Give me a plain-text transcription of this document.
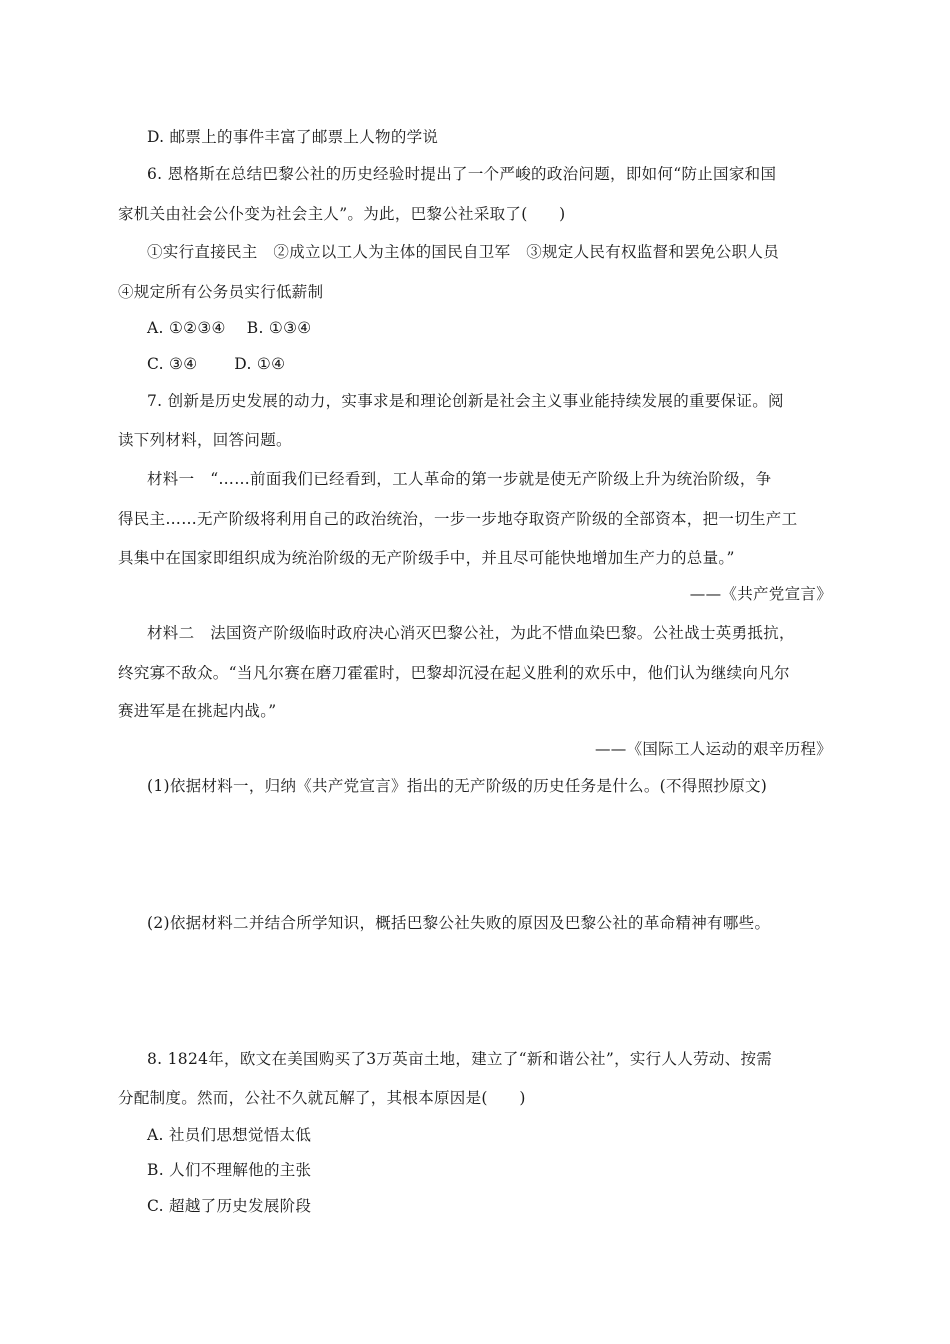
D. 邮票上的事件丰富了邮票上人物的学说
6. 恩格斯在总结巴黎公社的历史经验时提出了一个严峻的政治问题，即如何“防止国家和国
家机关由社会公仆变为社会主人”。为此，巴黎公社采取了(　　)
①实行直接民主　②成立以工人为主体的国民自卫军　③规定人民有权监督和罢免公职人员
④规定所有公务员实行低薪制
A. ①②③④　 B. ①③④
C. ③④　　 D. ①④
7. 创新是历史发展的动力，实事求是和理论创新是社会主义事业能持续发展的重要保证。阅
读下列材料，回答问题。
材料一　“……前面我们已经看到，工人革命的第一步就是使无产阶级上升为统治阶级，争
得民主……无产阶级将利用自己的政治统治，一步一步地夺取资产阶级的全部资本，把一切生产工
具集中在国家即组织成为统治阶级的无产阶级手中，并且尽可能快地增加生产力的总量。”
——《共产党宣言》
材料二　法国资产阶级临时政府决心消灭巴黎公社，为此不惜血染巴黎。公社战士英勇抵抗，
终究寡不敌众。“当凡尔赛在磨刀霍霍时，巴黎却沉浸在起义胜利的欢乐中，他们认为继续向凡尔
赛进军是在挑起内战。”
——《国际工人运动的艰辛历程》
(1)依据材料一，归纳《共产党宣言》指出的无产阶级的历史任务是什么。(不得照抄原文)
(2)依据材料二并结合所学知识，概括巴黎公社失败的原因及巴黎公社的革命精神有哪些。
8. 1824年，欧文在美国购买了3万英亩土地，建立了“新和谐公社”，实行人人劳动、按需
分配制度。然而，公社不久就瓦解了，其根本原因是(　　)
A. 社员们思想觉悟太低
B. 人们不理解他的主张
C. 超越了历史发展阶段
